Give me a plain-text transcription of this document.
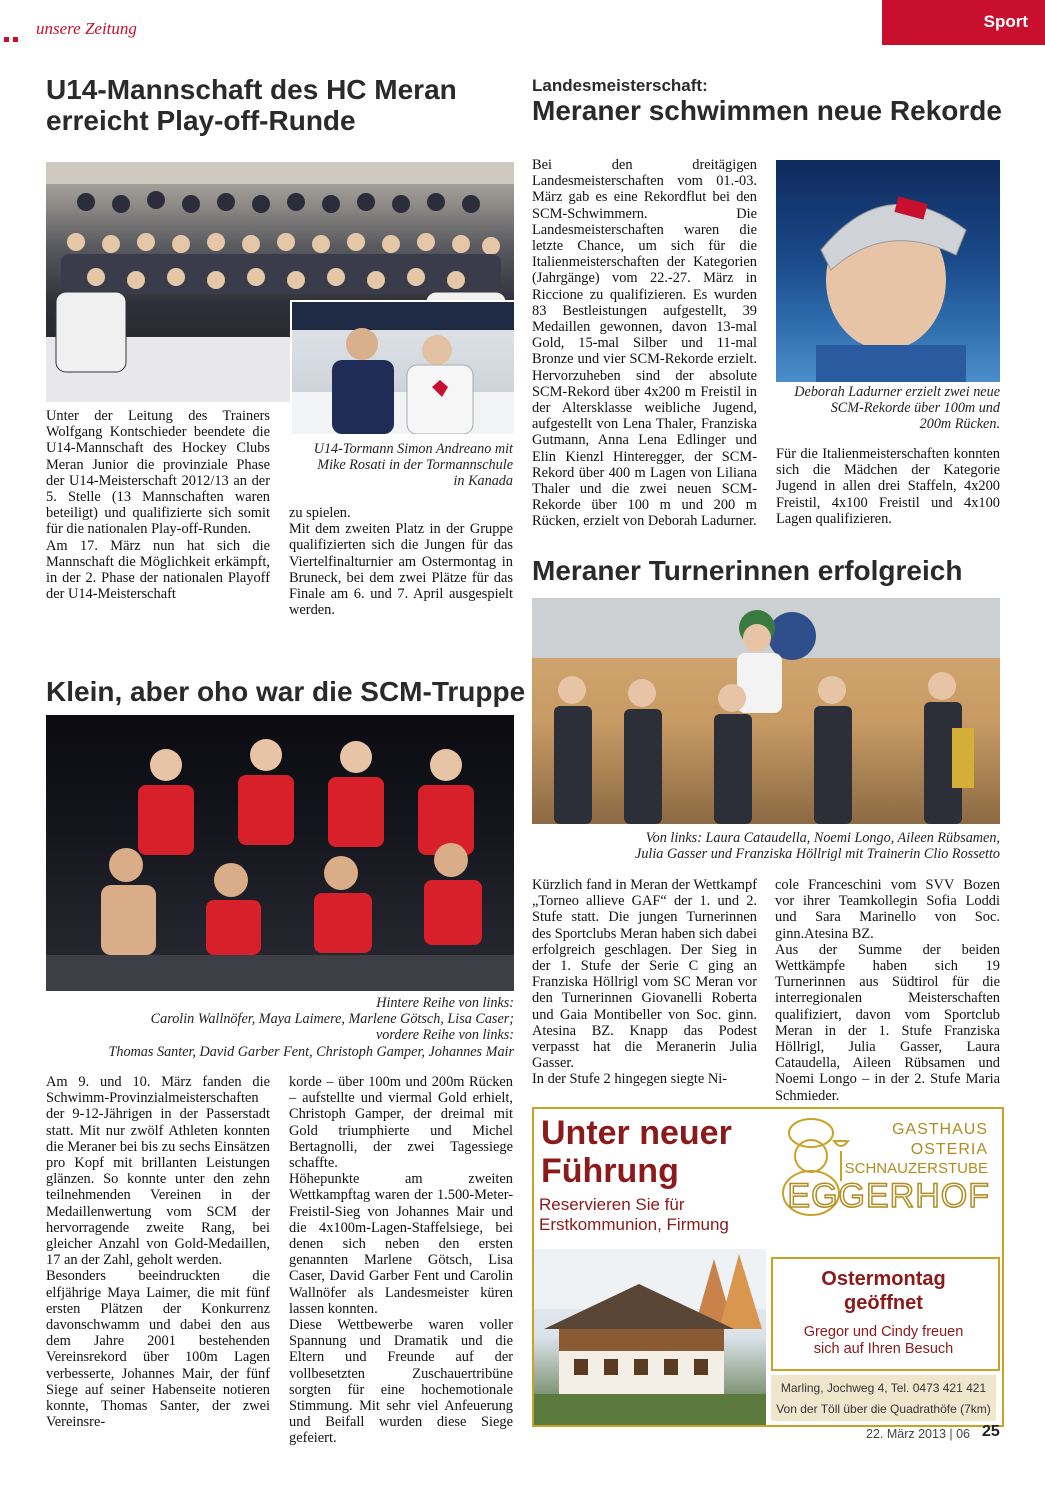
unsere Zeitung	Sport
U14-Mannschaft des HC Meran
erreicht Play-off-Runde
Unter der Leitung des Trainers Wolfgang Kontschieder beendete die U14-Mannschaft des Hockey Clubs Meran Junior die provinziale Phase der U14-Meisterschaft 2012/13 an der 5. Stelle (13 Mannschaften waren beteiligt) und qualifizierte sich somit für die nationalen Play-off-Runden.
Am 17. März nun hat sich die Mannschaft die Möglichkeit erkämpft, in der 2. Phase der nationalen Playoff der U14-Meisterschaft
U14-Tormann Simon Andreano mit
Mike Rosati in der Tormannschule
in Kanada
zu spielen.
Mit dem zweiten Platz in der Gruppe qualifizierten sich die Jungen für das Viertelfinalturnier am Ostermontag in Bruneck, bei dem zwei Plätze für das Finale am 6. und 7. April ausgespielt werden.
Landesmeisterschaft:
Meraner schwimmen neue Rekorde
Bei den dreitägigen Landesmeisterschaften vom 01.-03. März gab es eine Rekordflut bei den SCM-Schwimmern. Die Landesmeisterschaften waren die letzte Chance, um sich für die Italienmeisterschaften der Kategorien (Jahrgänge) vom 22.-27. März in Riccione zu qualifizieren. Es wurden 83 Bestleistungen aufgestellt, 39 Medaillen gewonnen, davon 13-mal Gold, 15-mal Silber und 11-mal Bronze und vier SCM-Rekorde erzielt. Hervorzuheben sind der absolute SCM-Rekord über 4x200 m Freistil in der Altersklasse weibliche Jugend, aufgestellt von Lena Thaler, Franziska Gutmann, Anna Lena Edlinger und Elin Kienzl Hinteregger, der SCM-Rekord über 400 m Lagen von Liliana Thaler und die zwei neuen SCM-Rekorde über 100 m und 200 m Rücken, erzielt von Deborah Ladurner.
Deborah Ladurner erzielt zwei neue
SCM-Rekorde über 100m und
200m Rücken.
Für die Italienmeisterschaften konnten sich die Mädchen der Kategorie Jugend in allen drei Staffeln, 4x200 Freistil, 4x100 Freistil und 4x100 Lagen qualifizieren.
Meraner Turnerinnen erfolgreich
Von links: Laura Cataudella, Noemi Longo, Aileen Rübsamen,
Julia Gasser und Franziska Höllrigl mit Trainerin Clio Rossetto
Kürzlich fand in Meran der Wettkampf „Torneo allieve GAF“ der 1. und 2. Stufe statt. Die jungen Turnerinnen des Sportclubs Meran haben sich dabei erfolgreich geschlagen. Der Sieg in der 1. Stufe der Serie C ging an Franziska Höllrigl vom SC Meran vor den Turnerinnen Giovanelli Roberta und Gaia Montibeller von Soc. ginn. Atesina BZ. Knapp das Podest verpasst hat die Meranerin Julia Gasser.
In der Stufe 2 hingegen siegte Ni-
cole Franceschini vom SVV Bozen vor ihrer Teamkollegin Sofia Loddi und Sara Marinello von Soc. ginn.Atesina BZ.
Aus der Summe der beiden Wettkämpfe haben sich 19 Turnerinnen aus Südtirol für die interregionalen Meisterschaften qualifiziert, davon vom Sportclub Meran in der 1. Stufe Franziska Höllrigl, Julia Gasser, Laura Cataudella, Aileen Rübsamen und Noemi Longo – in der 2. Stufe Maria Schmieder.
Klein, aber oho war die SCM-Truppe
Hintere Reihe von links:
Carolin Wallnöfer, Maya Laimere, Marlene Götsch, Lisa Caser;
vordere Reihe von links:
Thomas Santer, David Garber Fent, Christoph Gamper, Johannes Mair
Am 9. und 10. März fanden die Schwimm-Provinzialmeisterschaften der 9-12-Jährigen in der Passerstadt statt. Mit nur zwölf Athleten konnten die Meraner bei bis zu sechs Einsätzen pro Kopf mit brillanten Leistungen glänzen. So konnte unter den zehn teilnehmenden Vereinen in der Medaillenwertung vom SCM der hervorragende zweite Rang, bei gleicher Anzahl von Gold-Medaillen, 17 an der Zahl, geholt werden.
Besonders beeindruckten die elfjährige Maya Laimer, die mit fünf ersten Plätzen der Konkurrenz davonschwamm und dabei den aus dem Jahre 2001 bestehenden Vereinsrekord über 100m Lagen verbesserte, Johannes Mair, der fünf Siege auf seiner Habenseite notieren konnte, Thomas Santer, der zwei Vereinsre-
korde – über 100m und 200m Rücken – aufstellte und viermal Gold erhielt, Christoph Gamper, der dreimal mit Gold triumphierte und Michel Bertagnolli, der zwei Tagessiege schaffte.
Höhepunkte am zweiten Wettkampftag waren der 1.500-Meter-Freistil-Sieg von Johannes Mair und die 4x100m-Lagen-Staffelsiege, bei denen sich neben den ersten genannten Marlene Götsch, Lisa Caser, David Garber Fent und Carolin Wallnöfer als Landesmeister küren lassen konnten.
Diese Wettbewerbe waren voller Spannung und Dramatik und die Eltern und Freunde auf der vollbesetzten Zuschauertribüne sorgten für eine hochemotionale Stimmung. Mit sehr viel Anfeuerung und Beifall wurden diese Siege gefeiert.
Unter neuer
Führung
Reservieren Sie für
Erstkommunion, Firmung
GASTHAUS
OSTERIA
SCHNAUZERSTUBE
EGGERHOF
Ostermontag
geöffnet
Gregor und Cindy freuen
sich auf Ihren Besuch
Marling, Jochweg 4, Tel. 0473 421 421
Von der Töll über die Quadrathöfe (7km)
22. März 2013 | 06 25
